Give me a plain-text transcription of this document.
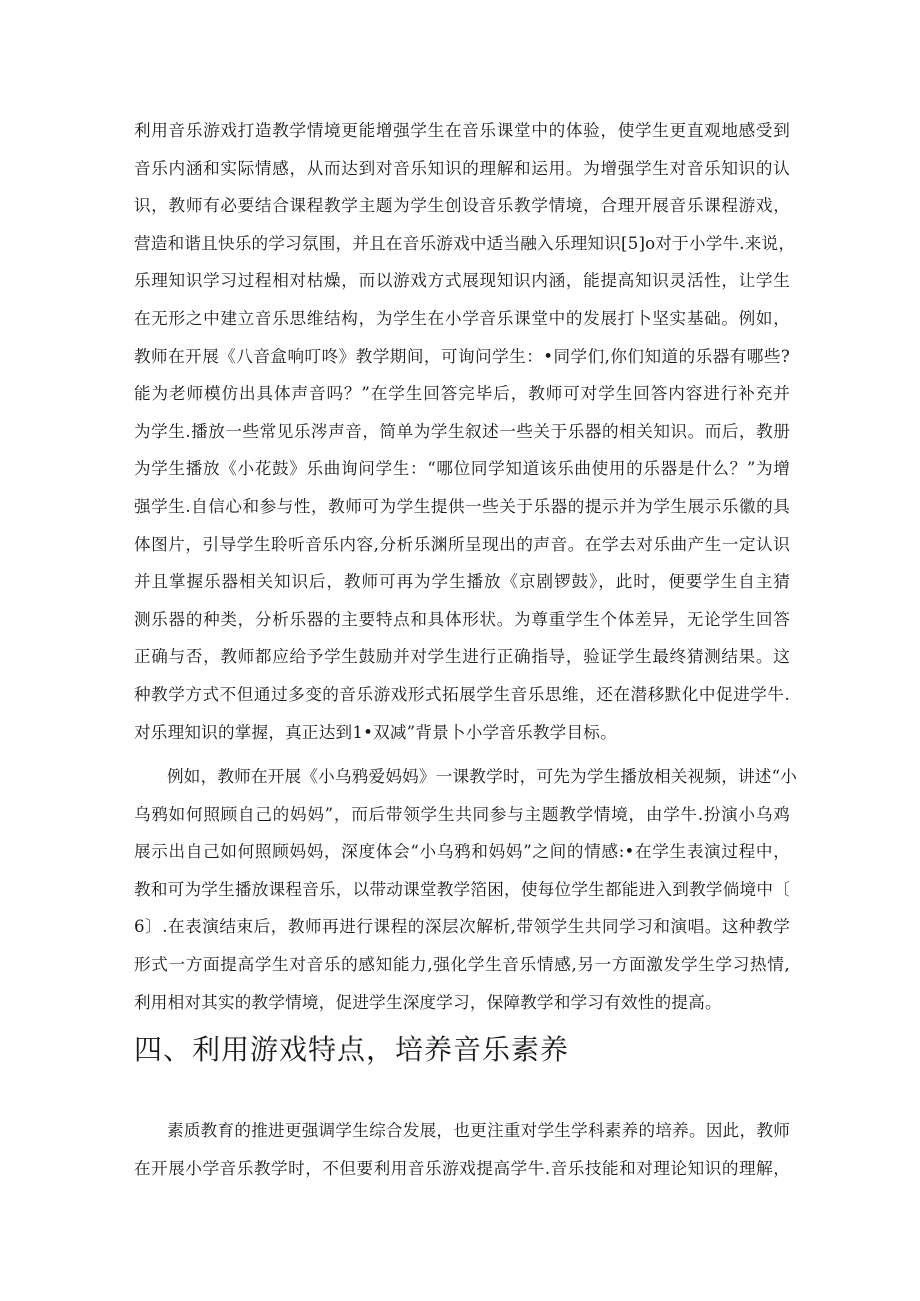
利用音乐游戏打造教学情境更能增强学生在音乐课堂中的体验，使学生更直观地感受到
音乐内涵和实际情感，从而达到对音乐知识的理解和运用。为增强学生对音乐知识的认
识，教师有必要结合课程教学主题为学生创设音乐教学情境，合理开展音乐课程游戏，
营造和谐且快乐的学习氛围，并且在音乐游戏中适当融入乐理知识[5]o对于小学牛.来说，
乐理知识学习过程相对枯燥，而以游戏方式展现知识内涵，能提高知识灵活性，让学生
在无形之中建立音乐思维结构，为学生在小学音乐课堂中的发展打卜坚实基础。例如，
教师在开展《八音盒响叮咚》教学期间，可询问学生：•同学们,你们知道的乐器有哪些?
能为老师模仿出具体声音吗？”在学生回答完毕后，教师可对学生回答内容进行补充并
为学生.播放一些常见乐涔声音，简单为学生叙述一些关于乐器的相关知识。而后，教册
为学生播放《小花鼓》乐曲询问学生：“哪位同学知道该乐曲使用的乐器是什么？”为增
强学生.自信心和参与性，教师可为学生提供一些关于乐器的提示并为学生展示乐徽的具
体图片，引导学生聆听音乐内容,分析乐渊所呈现出的声音。在学去对乐曲产生一定认识
并且掌握乐器相关知识后，教师可再为学生播放《京剧锣鼓》，此时，便要学生自主猜
测乐器的种类，分析乐器的主要特点和具体形状。为尊重学生个体差异，无论学生回答
正确与否，教师都应给予学生鼓励并对学生进行正确指导，验证学生最终猜测结果。这
种教学方式不但通过多变的音乐游戏形式拓展学生音乐思维，还在潜移默化中促进学牛.
对乐理知识的掌握，真正达到1•双减”背景卜小学音乐教学目标。
例如，教师在开展《小乌鸦爱妈妈》一课教学时，可先为学生播放相关视频，讲述“小
乌鸦如何照顾自己的妈妈”，而后带领学生共同参与主题教学情境，由学牛.扮演小乌鸡
展示出自己如何照顾妈妈，深度体会“小乌鸦和妈妈”之间的情感:•在学生表演过程中，
教和可为学生播放课程音乐，以带动课堂教学箔困，使每位学生都能进入到教学倘境中〔
6〕.在表演结束后，教师再进行课程的深层次解析,带领学生共同学习和演唱。这种教学
形式一方面提高学生对音乐的感知能力,强化学生音乐情感,另一方面激发学生学习热情,
利用相对其实的教学情境，促进学生深度学习，保障教学和学习有效性的提高。
四、利用游戏特点，培养音乐素养
素质教育的推进更强调学生综合发展，也更注重对学生学科素养的培养。因此，教师
在开展小学音乐教学时，不但要利用音乐游戏提高学牛.音乐技能和对理论知识的理解，
